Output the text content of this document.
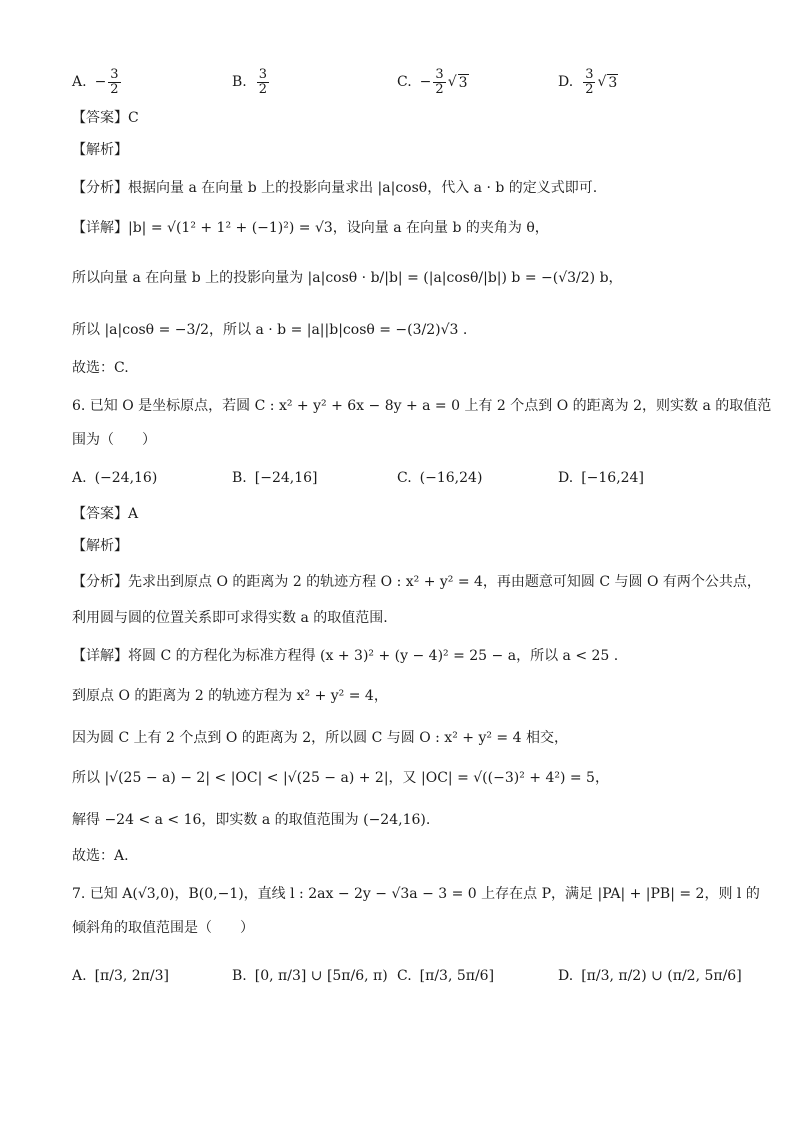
A. − $\frac{3}{2}$	B. $\frac{3}{2}$	C. − $\frac{3}{2}$ √ 3	D. $\frac{3}{2}$ √ 3
【答案】C
【解析】
【分析】根据向量 a 在向量 b 上的投影向量求出 |a|cosθ，代入 a · b 的定义式即可.
【详解】|b| = √(1² + 1² + (−1)²) = √3，设向量 a 在向量 b 的夹角为 θ，
所以向量 a 在向量 b 上的投影向量为 |a|cosθ · b/|b| = (|a|cosθ/|b|) b = −(√3/2) b，
所以 |a|cosθ = −3/2，所以 a · b = |a||b|cosθ = −(3/2)√3 .
故选：C.
6. 已知 O 是坐标原点，若圆 C : x² + y² + 6x − 8y + a = 0 上有 2 个点到 O 的距离为 2，则实数 a 的取值范
围为（　　）
A. (−24,16)	B. [−24,16]	C. (−16,24)	D. [−16,24]
【答案】A
【解析】
【分析】先求出到原点 O 的距离为 2 的轨迹方程 O : x² + y² = 4，再由题意可知圆 C 与圆 O 有两个公共点，
利用圆与圆的位置关系即可求得实数 a 的取值范围.
【详解】将圆 C 的方程化为标准方程得 (x + 3)² + (y − 4)² = 25 − a，所以 a < 25 .
到原点 O 的距离为 2 的轨迹方程为 x² + y² = 4，
因为圆 C 上有 2 个点到 O 的距离为 2，所以圆 C 与圆 O : x² + y² = 4 相交，
所以 |√(25 − a) − 2| < |OC| < |√(25 − a) + 2|，又 |OC| = √((−3)² + 4²) = 5，
解得 −24 < a < 16，即实数 a 的取值范围为 (−24,16).
故选：A.
7. 已知 A(√3,0)，B(0,−1)，直线 l : 2ax − 2y − √3a − 3 = 0 上存在点 P，满足 |PA| + |PB| = 2，则 l 的
倾斜角的取值范围是（　　）
A. [π/3, 2π/3]	B. [0, π/3] ∪ [5π/6, π) C. [π/3, 5π/6]	D. [π/3, π/2) ∪ (π/2, 5π/6]
